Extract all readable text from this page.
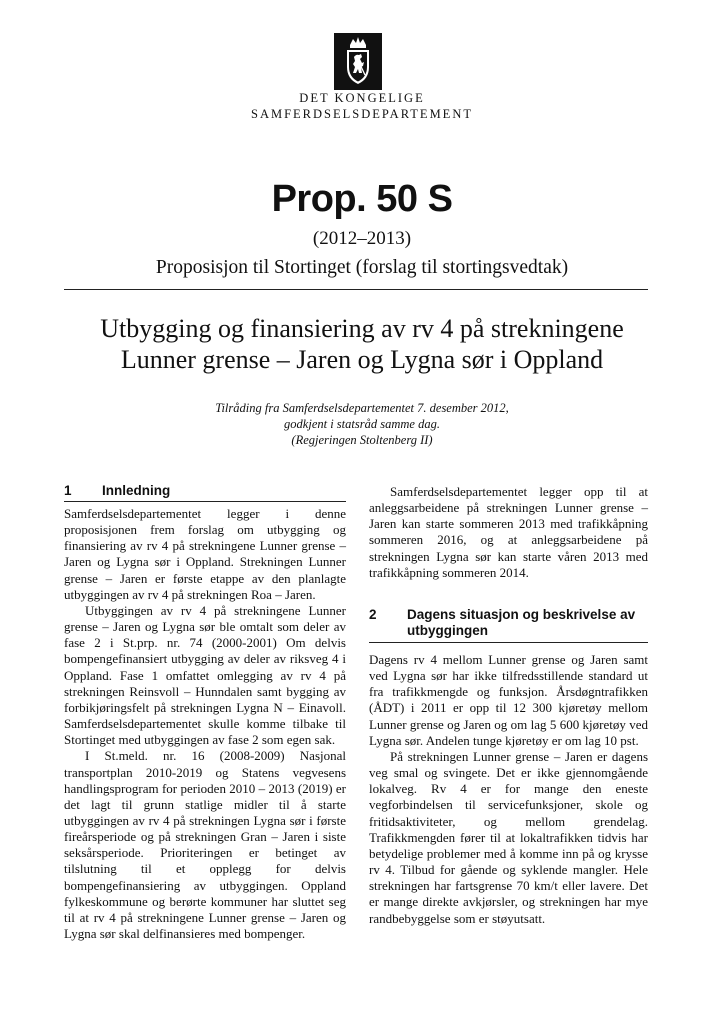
DET KONGELIGE
SAMFERDSELSDEPARTEMENT
Prop. 50 S
(2012–2013)
Proposisjon til Stortinget (forslag til stortingsvedtak)
Utbygging og finansiering av rv 4 på strekningene
Lunner grense – Jaren og Lygna sør i Oppland
Tilråding fra Samferdselsdepartementet 7. desember 2012,
godkjent i statsråd samme dag.
(Regjeringen Stoltenberg II)
1 Innledning

Samferdselsdepartementet legger i denne proposisjonen frem forslag om utbygging og finansiering av rv 4 på strekningene Lunner grense – Jaren og Lygna sør i Oppland. Strekningen Lunner grense – Jaren er første etappe av den planlagte utbyggingen av rv 4 på strekningen Roa – Jaren.

Utbyggingen av rv 4 på strekningene Lunner grense – Jaren og Lygna sør ble omtalt som deler av fase 2 i St.prp. nr. 74 (2000-2001) Om delvis bompengefinansiert utbygging av deler av riksveg 4 i Oppland. Fase 1 omfattet omlegging av rv 4 på strekningen Reinsvoll – Hunndalen samt bygging av forbikjøringsfelt på strekningen Lygna N – Einavoll. Samferdselsdepartementet skulle komme tilbake til Stortinget med utbyggingen av fase 2 som egen sak.

I St.meld. nr. 16 (2008-2009) Nasjonal transportplan 2010-2019 og Statens vegvesens handlingsprogram for perioden 2010 – 2013 (2019) er det lagt til grunn statlige midler til å starte utbyggingen av rv 4 på strekningen Lygna sør i første fireårsperiode og på strekningen Gran – Jaren i siste seksårsperiode. Prioriteringen er betinget av tilslutning til et opplegg for delvis bompengefinansiering av utbyggingen. Oppland fylkeskommune og berørte kommuner har sluttet seg til at rv 4 på strekningene Lunner grense – Jaren og Lygna sør skal delfinansieres med bompenger.

Samferdselsdepartementet legger opp til at anleggsarbeidene på strekningen Lunner grense – Jaren kan starte sommeren 2013 med trafikkåpning sommeren 2016, og at anleggsarbeidene på strekningen Lygna sør kan starte våren 2013 med trafikkåpning sommeren 2014.

2 Dagens situasjon og beskrivelse av
utbyggingen

Dagens rv 4 mellom Lunner grense og Jaren samt ved Lygna sør har ikke tilfredsstillende standard ut fra trafikkmengde og funksjon. Årsdøgntrafikken (ÅDT) i 2011 er opp til 12 300 kjøretøy mellom Lunner grense og Jaren og om lag 5 600 kjøretøy ved Lygna sør. Andelen tunge kjøretøy er om lag 10 pst.

På strekningen Lunner grense – Jaren er dagens veg smal og svingete. Det er ikke gjennomgående lokalveg. Rv 4 er for mange den eneste vegforbindelsen til servicefunksjoner, skole og fritidsaktiviteter, og mellom grendelag. Trafikkmengden fører til at lokaltrafikken tidvis har betydelige problemer med å komme inn på og krysse rv 4. Tilbud for gående og syklende mangler. Hele strekningen har fartsgrense 70 km/t eller lavere. Det er mange direkte avkjørsler, og strekningen har mye randbebyggelse som er støyutsatt.
